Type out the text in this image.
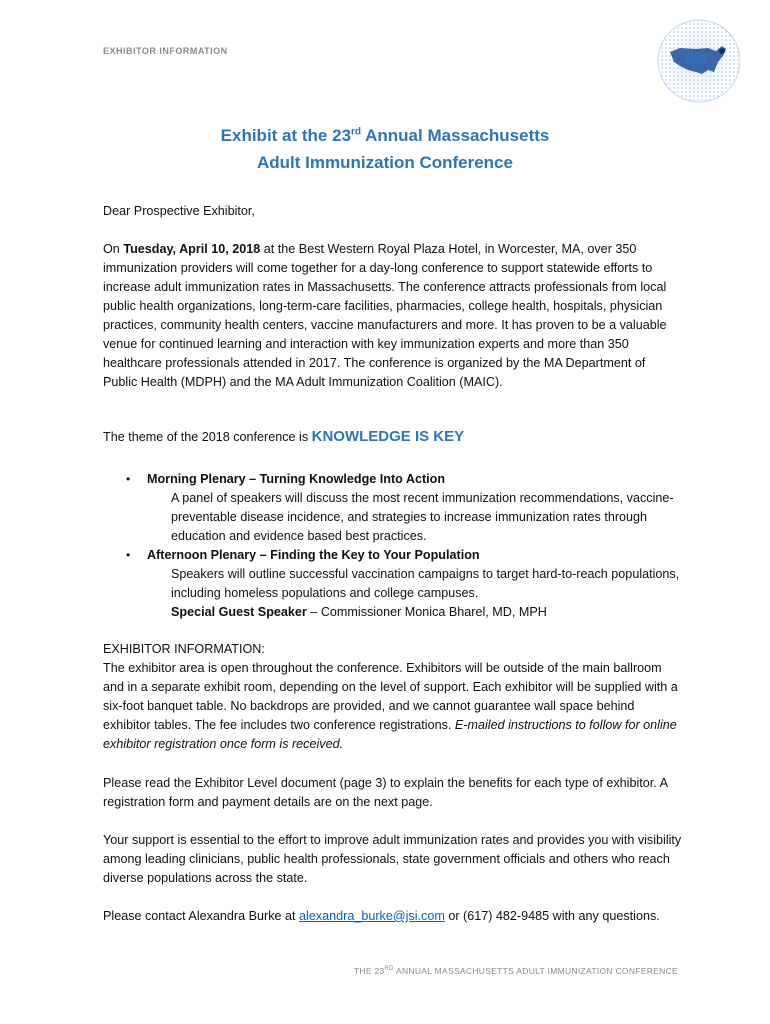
EXHIBITOR INFORMATION
Exhibit at the 23rd Annual Massachusetts
Adult Immunization Conference

Dear Prospective Exhibitor,

On Tuesday, April 10, 2018 at the Best Western Royal Plaza Hotel, in Worcester, MA, over 350 immunization providers will come together for a day-long conference to support statewide efforts to increase adult immunization rates in Massachusetts. The conference attracts professionals from local public health organizations, long-term-care facilities, pharmacies, college health, hospitals, physician practices, community health centers, vaccine manufacturers and more. It has proven to be a valuable venue for continued learning and interaction with key immunization experts and more than 350 healthcare professionals attended in 2017. The conference is organized by the MA Department of Public Health (MDPH) and the MA Adult Immunization Coalition (MAIC).

The theme of the 2018 conference is KNOWLEDGE IS KEY

• Morning Plenary – Turning Knowledge Into Action
A panel of speakers will discuss the most recent immunization recommendations, vaccine-preventable disease incidence, and strategies to increase immunization rates through education and evidence based best practices.
• Afternoon Plenary – Finding the Key to Your Population
Speakers will outline successful vaccination campaigns to target hard-to-reach populations, including homeless populations and college campuses.
Special Guest Speaker – Commissioner Monica Bharel, MD, MPH

EXHIBITOR INFORMATION:

The exhibitor area is open throughout the conference. Exhibitors will be outside of the main ballroom and in a separate exhibit room, depending on the level of support. Each exhibitor will be supplied with a six-foot banquet table. No backdrops are provided, and we cannot guarantee wall space behind exhibitor tables. The fee includes two conference registrations. E-mailed instructions to follow for online exhibitor registration once form is received.

Please read the Exhibitor Level document (page 3) to explain the benefits for each type of exhibitor. A registration form and payment details are on the next page.

Your support is essential to the effort to improve adult immunization rates and provides you with visibility among leading clinicians, public health professionals, state government officials and others who reach diverse populations across the state.

Please contact Alexandra Burke at alexandra_burke@jsi.com or (617) 482-9485 with any questions.

THE 23RD ANNUAL MASSACHUSETTS ADULT IMMUNIZATION CONFERENCE
